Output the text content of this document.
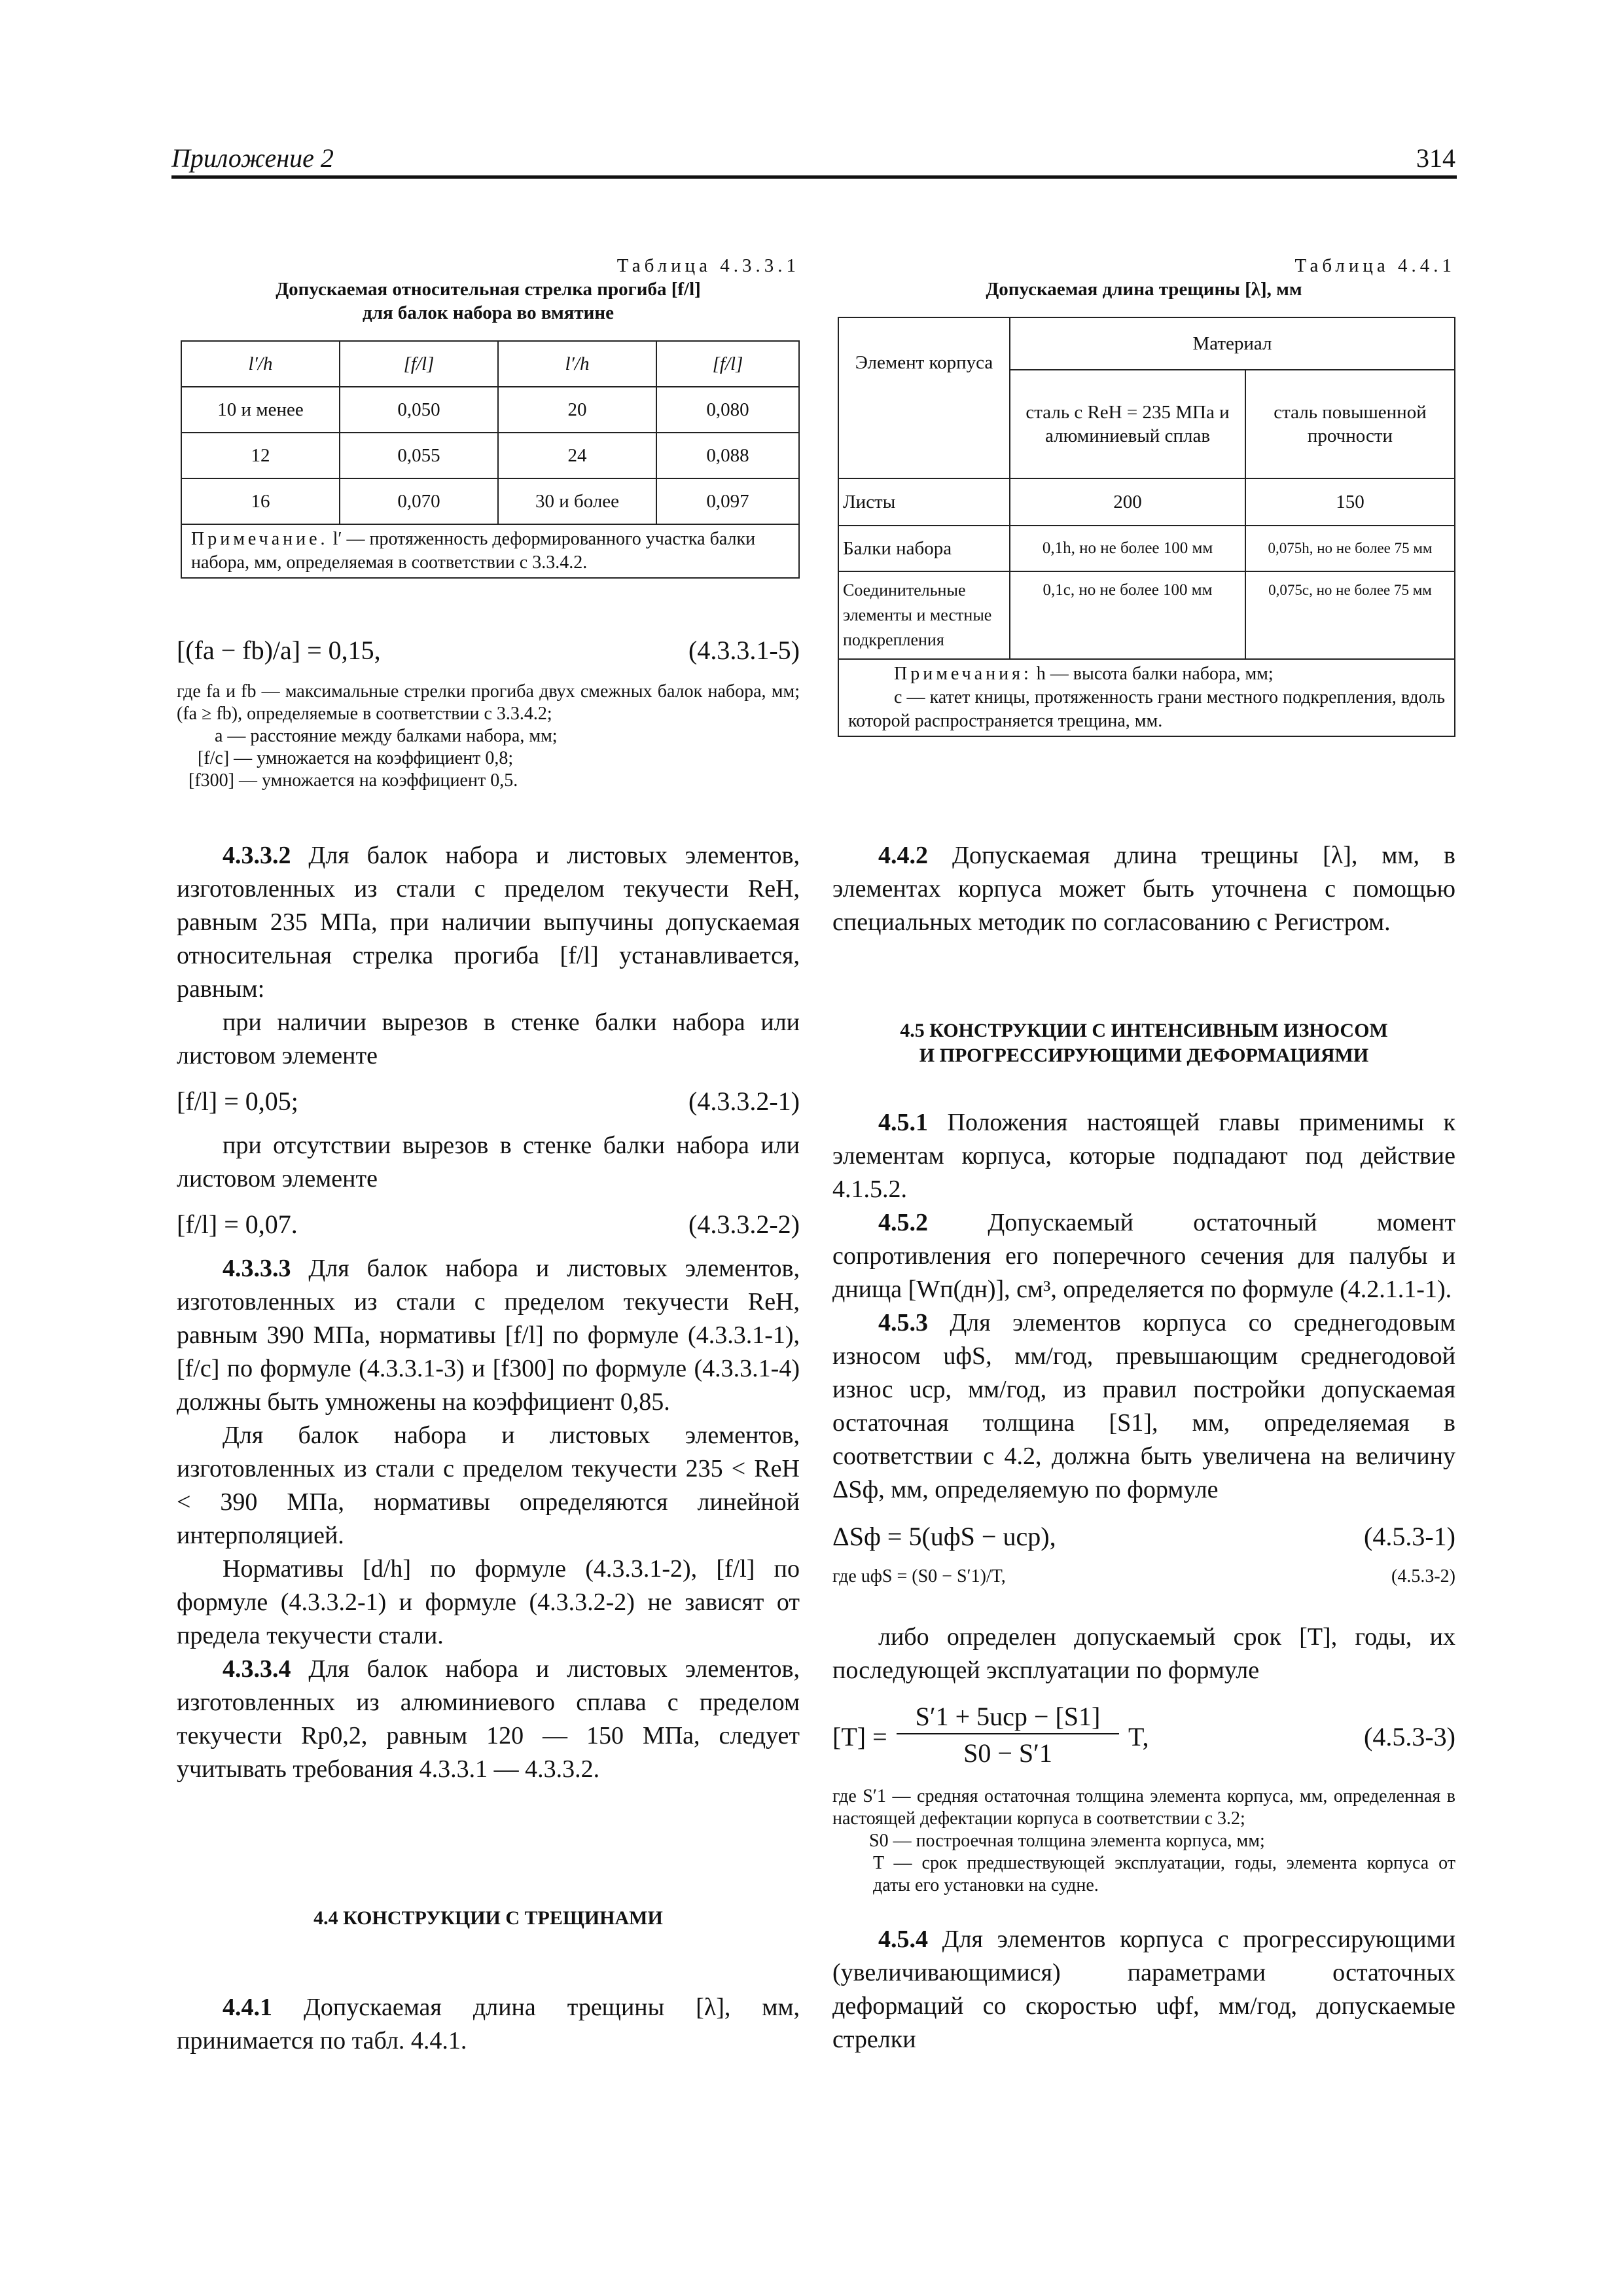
Приложение 2	314
Таблица 4.3.3.1
Допускаемая относительная стрелка прогиба [f/l]
для балок набора во вмятине
l′/h	[f/l]	l′/h	[f/l]
10 и менее	0,050	20	0,080
12	0,055	24	0,088
16	0,070	30 и более	0,097
Примечание. l′ — протяженность деформированного участка балки набора, мм, определяемая в соответствии с 3.3.4.2.			
[(fa − fb)/a] = 0,15,	(4.3.3.1-5)

где fa и fb — максимальные стрелки прогиба двух смежных балок набора, мм; (fa ≥ fb), определяемые в соответствии с 3.3.4.2;

a — расстояние между балками набора, мм;

[f/c] — умножается на коэффициент 0,8;

[f300] — умножается на коэффициент 0,5.

4.3.3.2 Для балок набора и листовых элементов, изготовленных из стали с пределом текучести ReH, равным 235 МПа, при наличии выпучины допускаемая относительная стрелка прогиба [f/l] устанавливается, равным:

при наличии вырезов в стенке балки набора или листовом элементе

[f/l] = 0,05;	(4.3.3.2-1)

при отсутствии вырезов в стенке балки набора или листовом элементе

[f/l] = 0,07.	(4.3.3.2-2)

4.3.3.3 Для балок набора и листовых элементов, изготовленных из стали с пределом текучести ReH, равным 390 МПа, нормативы [f/l] по формуле (4.3.3.1-1), [f/c] по формуле (4.3.3.1-3) и [f300] по формуле (4.3.3.1-4) должны быть умножены на коэффициент 0,85.

Для балок набора и листовых элементов, изготовленных из стали с пределом текучести 235 < ReH < 390 МПа, нормативы определяются линейной интерполяцией.

Нормативы [d/h] по формуле (4.3.3.1-2), [f/l] по формуле (4.3.3.2-1) и формуле (4.3.3.2-2) не зависят от предела текучести стали.

4.3.3.4 Для балок набора и листовых элементов, изготовленных из алюминиевого сплава с пределом текучести Rp0,2, равным 120 — 150 МПа, следует учитывать требования 4.3.3.1 — 4.3.3.2.

4.4 КОНСТРУКЦИИ С ТРЕЩИНАМИ

4.4.1 Допускаемая длина трещины [λ], мм, принимается по табл. 4.4.1.

Таблица 4.4.1
Допускаемая длина трещины [λ], мм
Элемент корпуса	Материал	
	сталь с ReH = 235 МПа и алюминиевый сплав	сталь повышенной прочности
Листы	200	150
Балки набора	0,1h, но не более 100 мм	0,075h, но не более 75 мм
Соединительные элементы и местные подкрепления	0,1c, но не более 100 мм	0,075c, но не более 75 мм

Примечания: h — высота балки набора, мм;
c — катет кницы, протяженность грани местного подкрепления, вдоль которой распространяется трещина, мм.		

4.4.2 Допускаемая длина трещины [λ], мм, в элементах корпуса может быть уточнена с помощью специальных методик по согласованию с Регистром.

4.5 КОНСТРУКЦИИ С ИНТЕНСИВНЫМ ИЗНОСОМ
И ПРОГРЕССИРУЮЩИМИ ДЕФОРМАЦИЯМИ

4.5.1 Положения настоящей главы применимы к элементам корпуса, которые подпадают под действие 4.1.5.2.

4.5.2 Допускаемый остаточный момент сопротивления его поперечного сечения для палубы и днища [Wп(дн)], см³, определяется по формуле (4.2.1.1-1).

4.5.3 Для элементов корпуса со среднегодовым износом uфS, мм/год, превышающим среднегодовой износ uср, мм/год, из правил постройки допускаемая остаточная толщина [S1], мм, определяемая в соответствии с 4.2, должна быть увеличена на величину ΔSф, мм, определяемую по формуле

ΔSф = 5(uфS − uср),	(4.5.3-1)
где uфS = (S0 − S′1)/T,	(4.5.3-2)

либо определен допускаемый срок [T], годы, их последующей эксплуатации по формуле

[T] =
S′1 + 5uср − [S1]
S0 − S′1
T,	(4.5.3-3)

где S′1 — средняя остаточная толщина элемента корпуса, мм, определенная в настоящей дефектации корпуса в соответствии с 3.2;

S0 — построечная толщина элемента корпуса, мм;

T — срок предшествующей эксплуатации, годы, элемента корпуса от даты его установки на судне.

4.5.4 Для элементов корпуса с прогрессирующими (увеличивающимися) параметрами остаточных деформаций со скоростью uфf, мм/год, допускаемые стрелки
